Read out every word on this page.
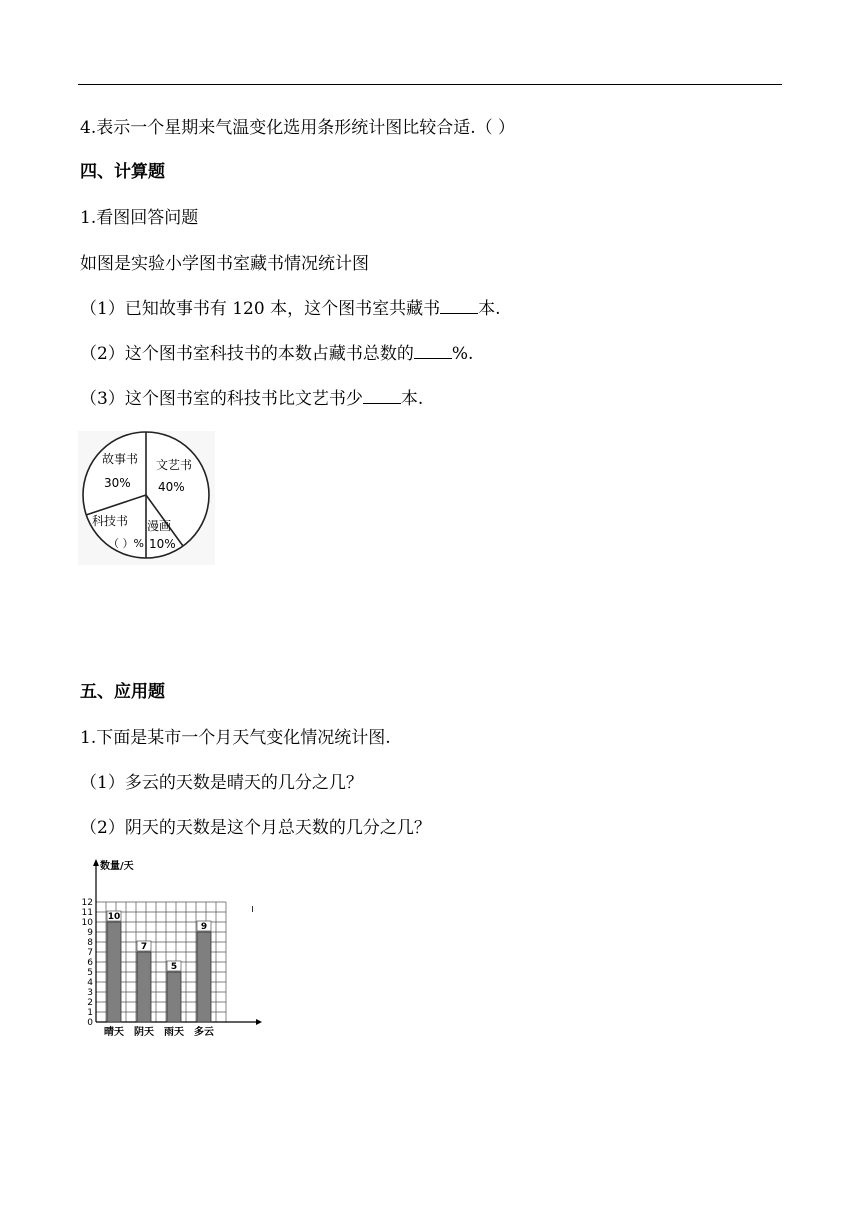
4.表示一个星期来气温变化选用条形统计图比较合适.（ ）
四、计算题
1.看图回答问题
如图是实验小学图书室藏书情况统计图
（1）已知故事书有 120 本，这个图书室共藏书 本.
（2）这个图书室科技书的本数占藏书总数的 %.
（3）这个图书室的科技书比文艺书少 本.
故事书
30%
文艺书
40%
漫画
10%
科技书
（ ）%
五、应用题
1.下面是某市一个月天气变化情况统计图.
（1）多云的天数是晴天的几分之几？
（2）阴天的天数是这个月总天数的几分之几？
数量/天
0
1
2
3
4
5
6
7
8
9
10
11
12
10
晴天
7
阴天
5
雨天
9
多云
